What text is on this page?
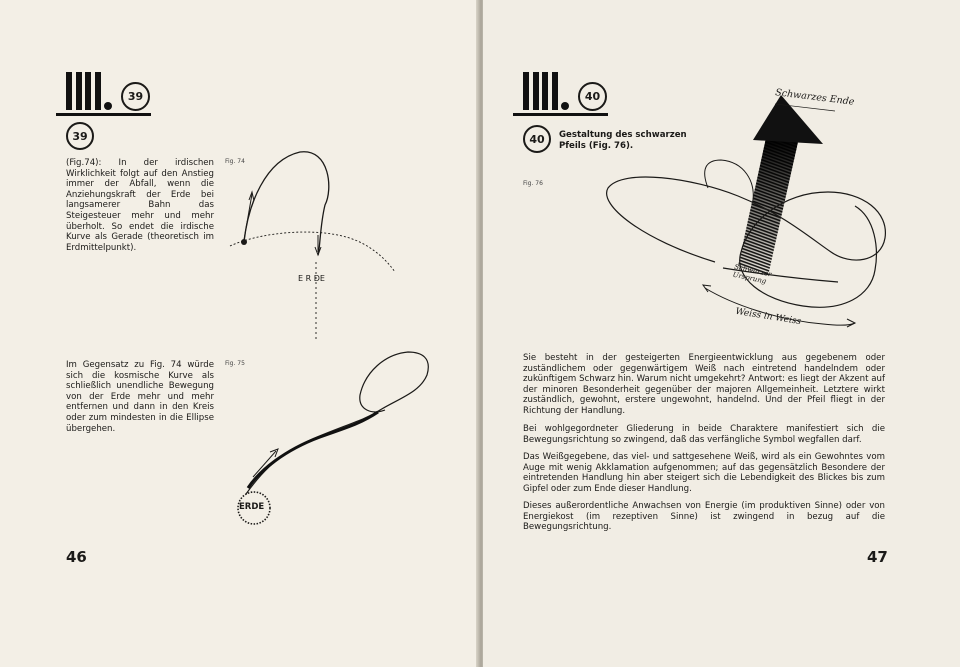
39
39
(Fig.74): In der irdischen Wirklichkeit folgt auf den Anstieg immer der Abfall, wenn die Anziehungskraft der Erde bei langsamerer Bahn das Steigesteuer mehr und mehr überholt. So endet die irdische Kurve als Gerade (theoretisch im Erdmittelpunkt).
Fig. 74
E R DE
Im Gegensatz zu Fig. 74 würde sich die kosmische Kurve als schließlich unendliche Bewegung von der Erde mehr und mehr entfernen und dann in den Kreis oder zum mindesten in die Ellipse übergehen.
Fig. 75
ERDE
46
40
40 Gestaltung des schwarzen Pfeils (Fig. 76).
Fig. 76
Schwarzes Ende
Schwarzer Ursprung
Weiss in Weiss
Sie besteht in der gesteigerten Energieentwicklung aus gegebenem oder zuständlichem oder gegenwärtigem Weiß nach eintretend handelndem oder zukünftigem Schwarz hin. Warum nicht umgekehrt? Antwort: es liegt der Akzent auf der minoren Besonderheit gegenüber der majoren Allgemeinheit. Letztere wirkt zuständlich, gewohnt, erstere ungewohnt, handelnd. Und der Pfeil fliegt in der Richtung der Handlung.
Bei wohlgegordneter Gliederung in beide Charaktere manifestiert sich die Bewegungsrichtung so zwingend, daß das verfängliche Symbol wegfallen darf.
Das Weißgegebene, das viel- und sattgesehene Weiß, wird als ein Gewohntes vom Auge mit wenig Akklamation aufgenommen; auf das gegensätzlich Besondere der eintretenden Handlung hin aber steigert sich die Lebendigkeit des Blickes bis zum Gipfel oder zum Ende dieser Handlung.
Dieses außerordentliche Anwachsen von Energie (im produktiven Sinne) oder von Energiekost (im rezeptiven Sinne) ist zwingend in bezug auf die Bewegungsrichtung.
47
